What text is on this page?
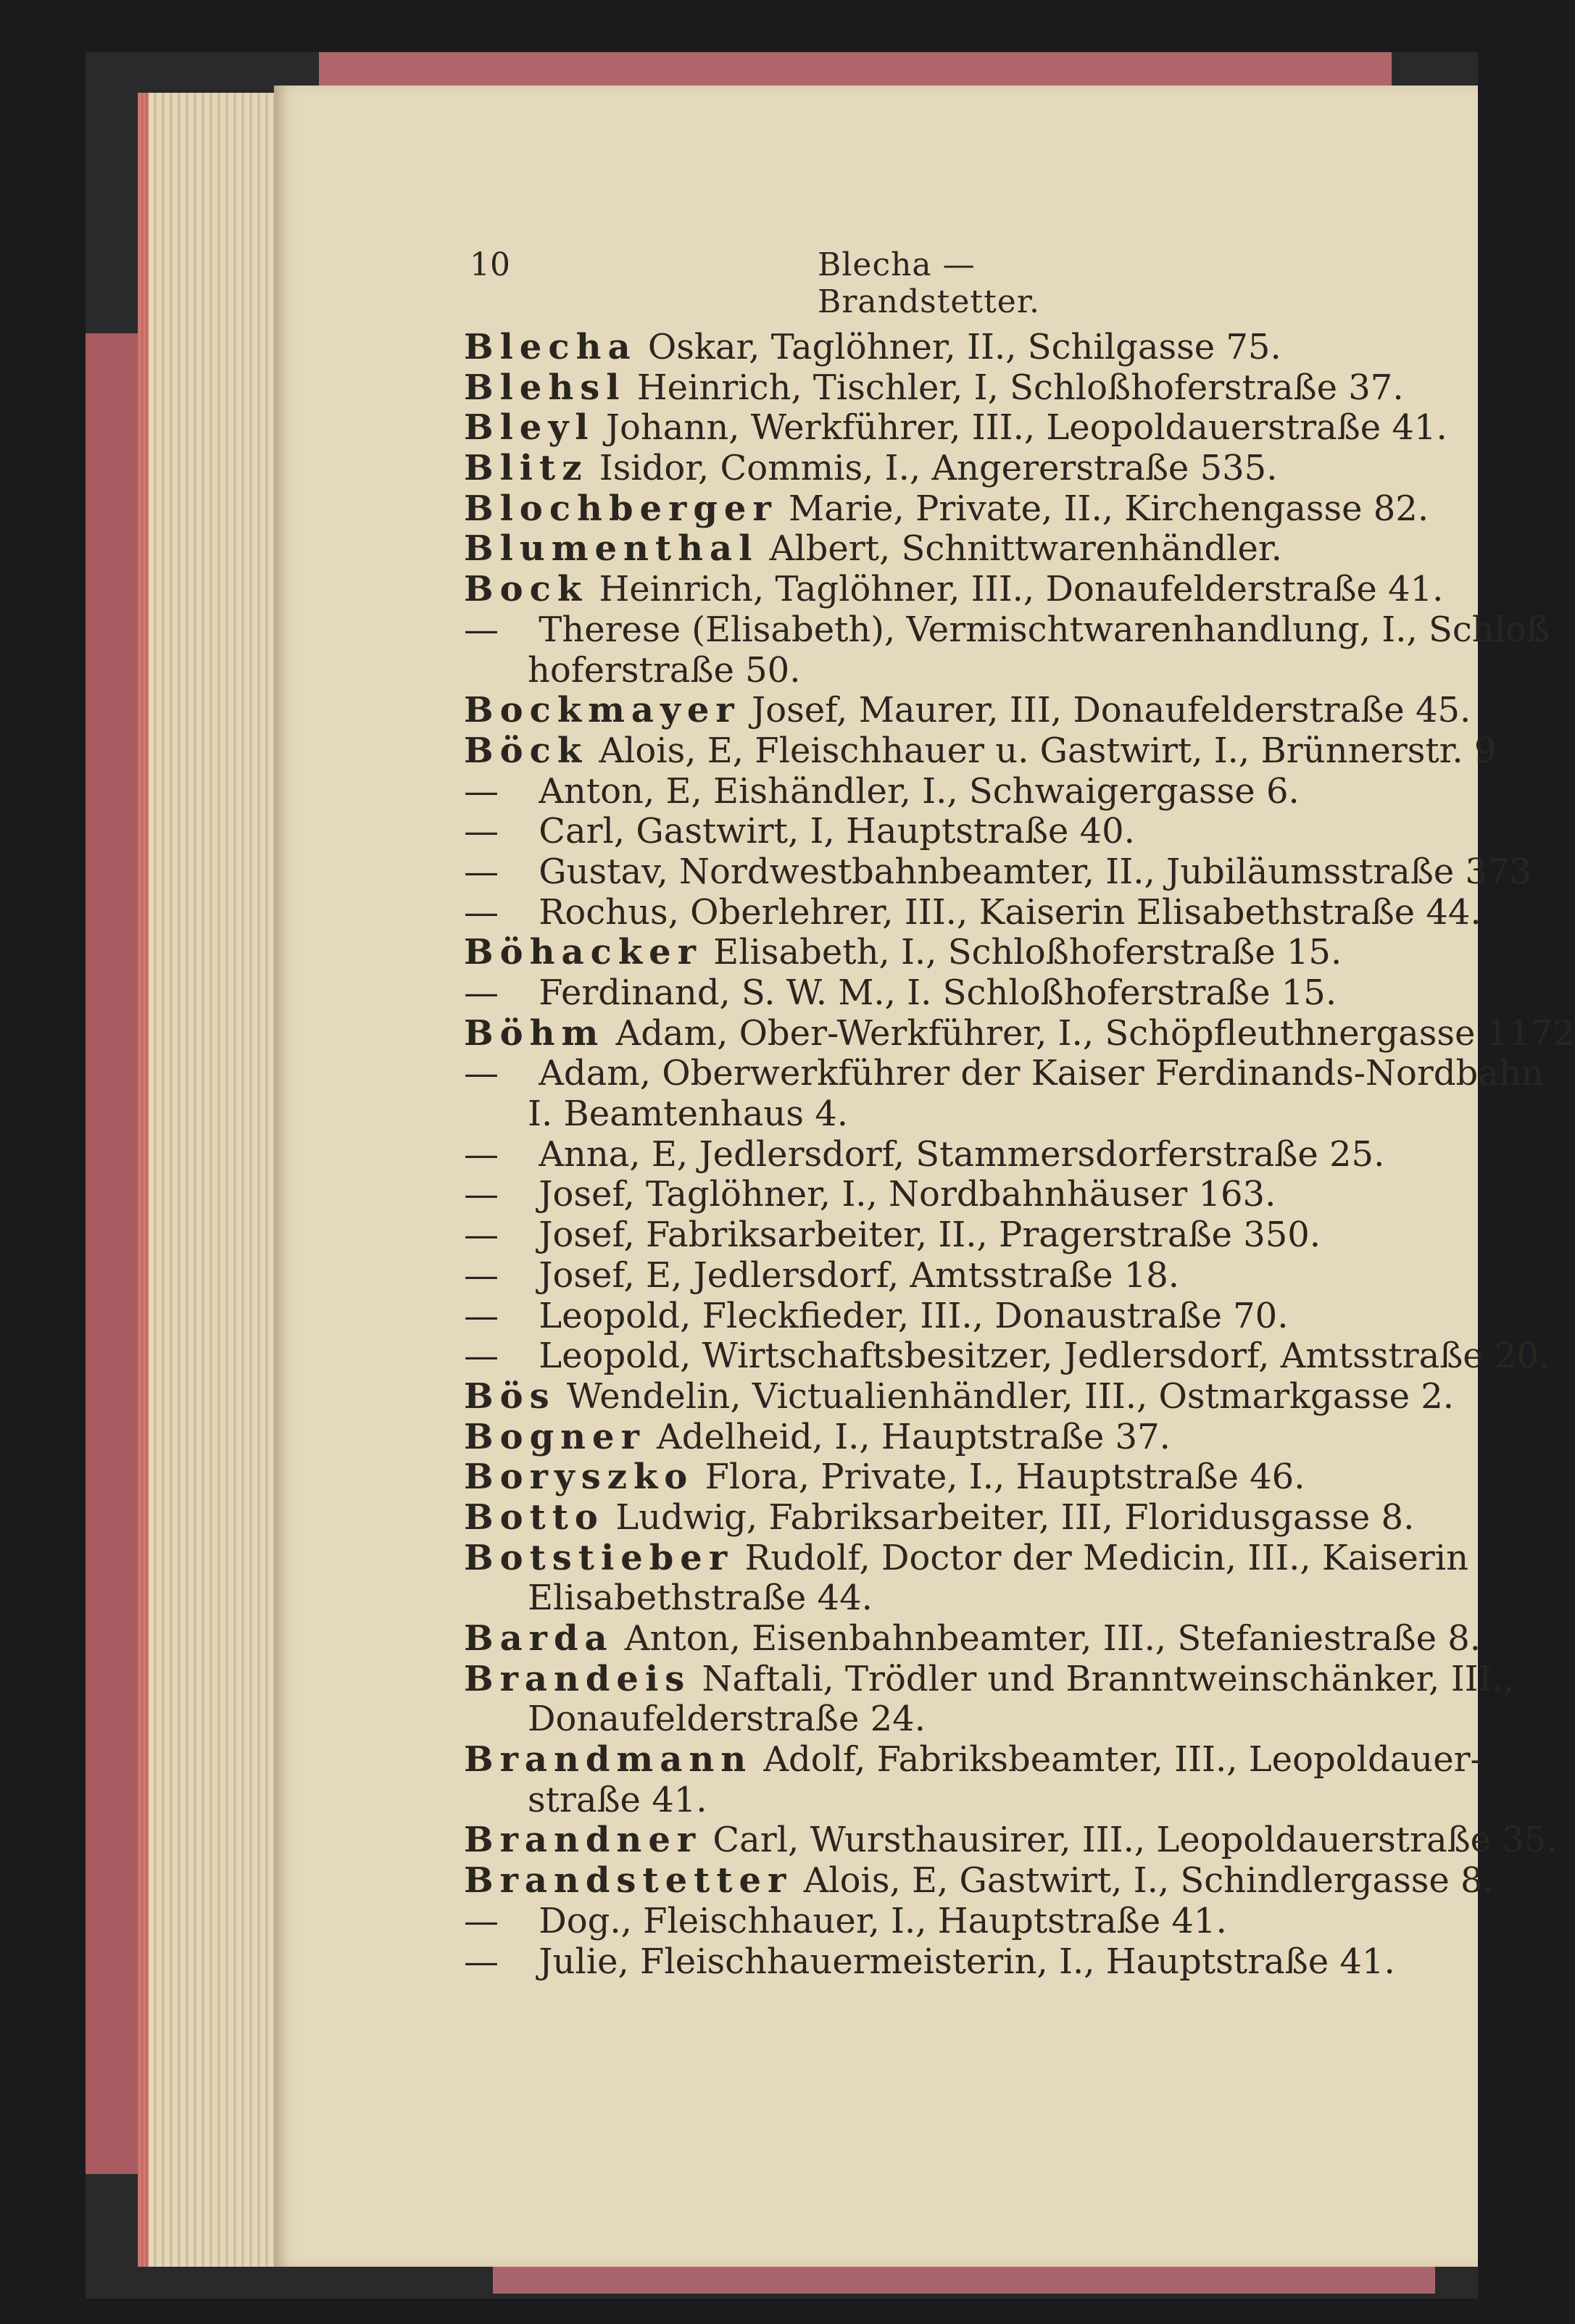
10	Blecha — Brandstetter.
Blecha Oskar, Taglöhner, II., Schilgasse 75.
Blehsl Heinrich, Tischler, I, Schloßhoferstraße 37.
Bleyl Johann, Werkführer, III., Leopoldauerstraße 41.
Blitz Isidor, Commis, I., Angererstraße 535.
Blochberger Marie, Private, II., Kirchengasse 82.
Blumenthal Albert, Schnittwarenhändler.
Bock Heinrich, Taglöhner, III., Donaufelderstraße 41.
— Therese (Elisabeth), Vermischtwarenhandlung, I., Schloß
hoferstraße 50.
Bockmayer Josef, Maurer, III, Donaufelderstraße 45.
Böck Alois, E, Fleischhauer u. Gastwirt, I., Brünnerstr. 9
— Anton, E, Eishändler, I., Schwaigergasse 6.
— Carl, Gastwirt, I, Hauptstraße 40.
— Gustav, Nordwestbahnbeamter, II., Jubiläumsstraße 373
— Rochus, Oberlehrer, III., Kaiserin Elisabethstraße 44.
Böhacker Elisabeth, I., Schloßhoferstraße 15.
— Ferdinand, S. W. M., I. Schloßhoferstraße 15.
Böhm Adam, Ober-Werkführer, I., Schöpfleuthnergasse 1172
— Adam, Oberwerkführer der Kaiser Ferdinands-Nordbahn
I. Beamtenhaus 4.
— Anna, E, Jedlersdorf, Stammersdorferstraße 25.
— Josef, Taglöhner, I., Nordbahnhäuser 163.
— Josef, Fabriksarbeiter, II., Pragerstraße 350.
— Josef, E, Jedlersdorf, Amtsstraße 18.
— Leopold, Fleckfieder, III., Donaustraße 70.
— Leopold, Wirtschaftsbesitzer, Jedlersdorf, Amtsstraße 20.
Bös Wendelin, Victualienhändler, III., Ostmarkgasse 2.
Bogner Adelheid, I., Hauptstraße 37.
Boryszko Flora, Private, I., Hauptstraße 46.
Botto Ludwig, Fabriksarbeiter, III, Floridusgasse 8.
Botstieber Rudolf, Doctor der Medicin, III., Kaiserin
Elisabethstraße 44.
Barda Anton, Eisenbahnbeamter, III., Stefaniestraße 8.
Brandeis Naftali, Trödler und Branntweinschänker, III.,
Donaufelderstraße 24.
Brandmann Adolf, Fabriksbeamter, III., Leopoldauer-
straße 41.
Brandner Carl, Wursthausirer, III., Leopoldauerstraße 35.
Brandstetter Alois, E, Gastwirt, I., Schindlergasse 8.
— Dog., Fleischhauer, I., Hauptstraße 41.
— Julie, Fleischhauermeisterin, I., Hauptstraße 41.
